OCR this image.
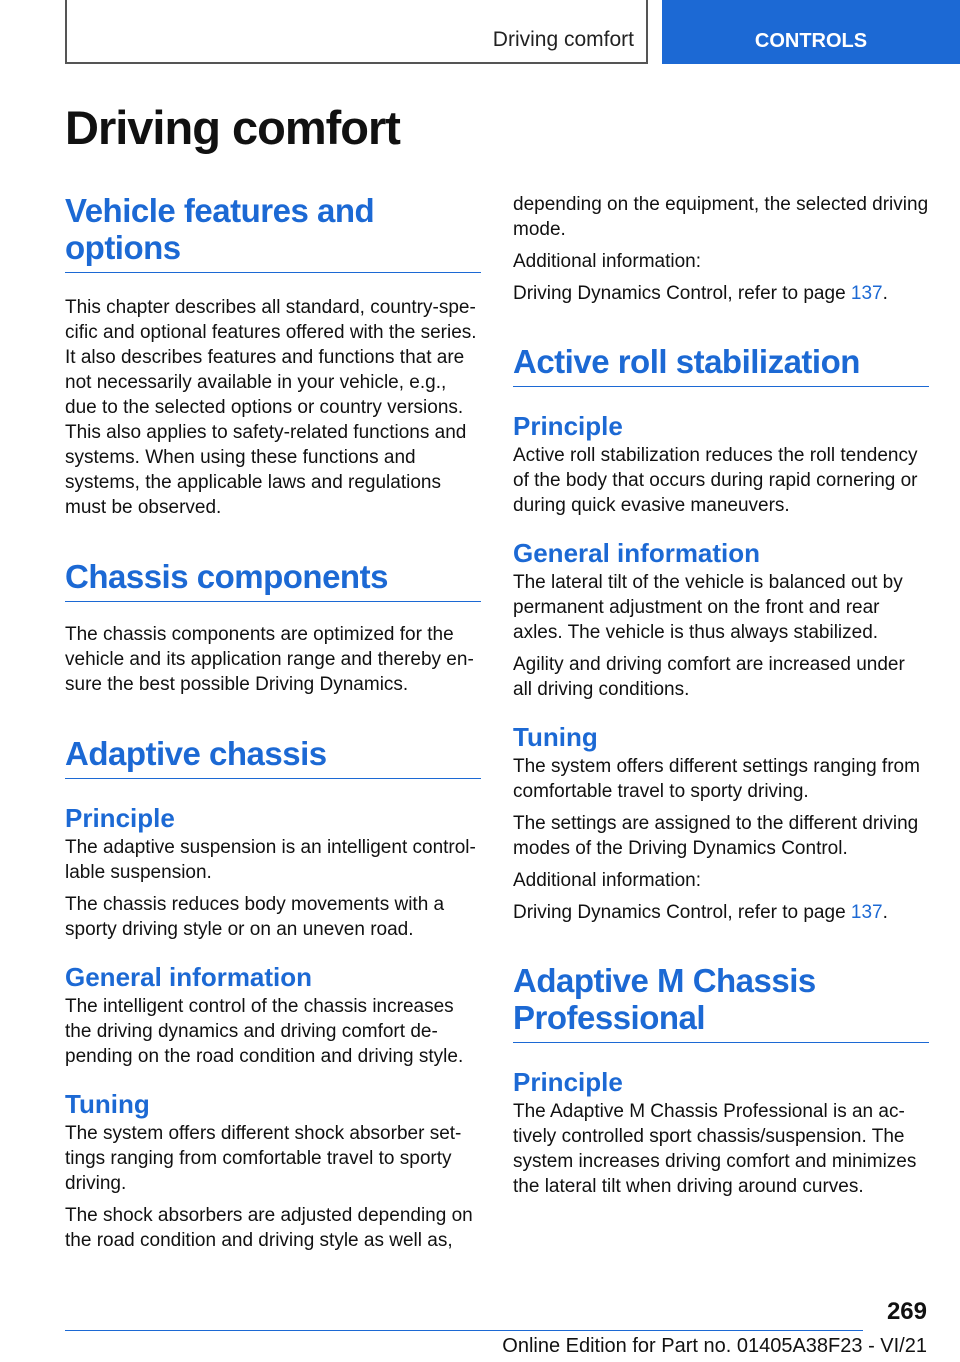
Driving comfort	CONTROLS
Driving comfort
Vehicle features and options

This chapter describes all standard, country-specific and optional features offered with the series. It also describes features and functions that are not necessarily available in your vehicle, e.g., due to the selected options or country versions. This also applies to safety-related functions and systems. When using these functions and systems, the applicable laws and regulations must be observed.

Chassis components

The chassis components are optimized for the vehicle and its application range and thereby ensure the best possible Driving Dynamics.

Adaptive chassis
Principle

The adaptive suspension is an intelligent controllable suspension.

The chassis reduces body movements with a sporty driving style or on an uneven road.

General information

The intelligent control of the chassis increases the driving dynamics and driving comfort depending on the road condition and driving style.

Tuning

The system offers different shock absorber settings ranging from comfortable travel to sporty driving.

The shock absorbers are adjusted depending on the road condition and driving style as well as,

depending on the equipment, the selected driving mode.

Additional information:

Driving Dynamics Control, refer to page 137.

Active roll stabilization
Principle

Active roll stabilization reduces the roll tendency of the body that occurs during rapid cornering or during quick evasive maneuvers.

General information

The lateral tilt of the vehicle is balanced out by permanent adjustment on the front and rear axles. The vehicle is thus always stabilized.

Agility and driving comfort are increased under all driving conditions.

Tuning

The system offers different settings ranging from comfortable travel to sporty driving.

The settings are assigned to the different driving modes of the Driving Dynamics Control.

Additional information:

Driving Dynamics Control, refer to page 137.

Adaptive M Chassis Professional
Principle

The Adaptive M Chassis Professional is an actively controlled sport chassis/suspension. The system increases driving comfort and minimizes the lateral tilt when driving around curves.

269
Online Edition for Part no. 01405A38F23 - VI/21
